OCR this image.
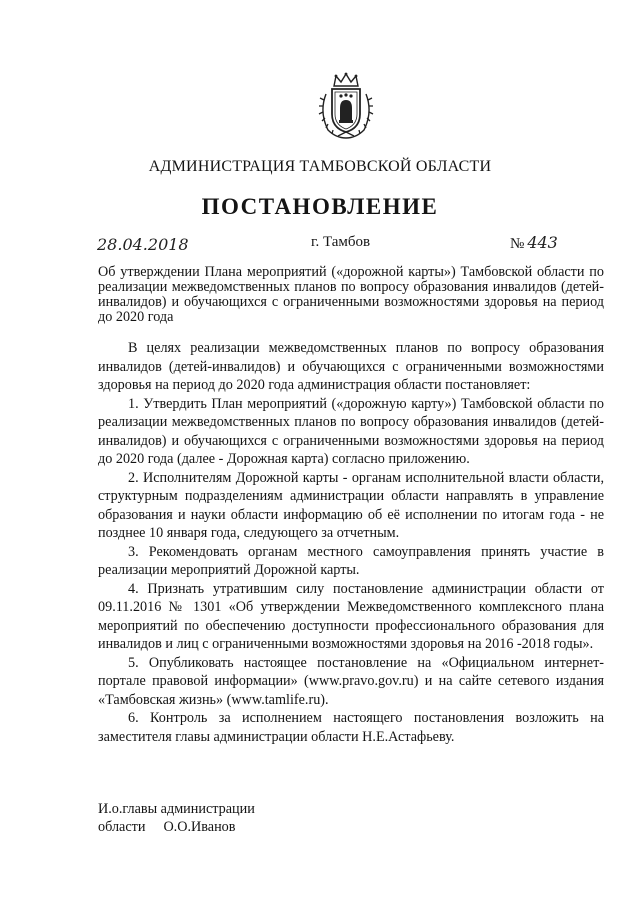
АДМИНИСТРАЦИЯ ТАМБОВСКОЙ ОБЛАСТИ
ПОСТАНОВЛЕНИЕ
28.04.2018	г. Тамбов	№ 443
Об утверждении Плана мероприятий («дорожной карты») Тамбовской области по реализации межведомственных планов по вопросу образования инвалидов (детей-инвалидов) и обучающихся с ограниченными возможностями здоровья на период до 2020 года

В целях реализации межведомственных планов по вопросу образования инвалидов (детей-инвалидов) и обучающихся с ограниченными возможностями здоровья на период до 2020 года администрация области постановляет:

1. Утвердить План мероприятий («дорожную карту») Тамбовской области по реализации межведомственных планов по вопросу образования инвалидов (детей-инвалидов) и обучающихся с ограниченными возможностями здоровья на период до 2020 года (далее - Дорожная карта) согласно приложению.

2. Исполнителям Дорожной карты - органам исполнительной власти области, структурным подразделениям администрации области направлять в управление образования и науки области информацию об её исполнении по итогам года - не позднее 10 января года, следующего за отчетным.

3. Рекомендовать органам местного самоуправления принять участие в реализации мероприятий Дорожной карты.

4. Признать утратившим силу постановление администрации области от 09.11.2016 № 1301 «Об утверждении Межведомственного комплексного плана мероприятий по обеспечению доступности профессионального образования для инвалидов и лиц с ограниченными возможностями здоровья на 2016 -2018 годы».

5. Опубликовать настоящее постановление на «Официальном интернет-портале правовой информации» (www.pravo.gov.ru) и на сайте сетевого издания «Тамбовская жизнь» (www.tamlife.ru).

6. Контроль за исполнением настоящего постановления возложить на заместителя главы администрации области Н.Е.Астафьеву.

И.о.главы администрации
области О.О.Иванов
